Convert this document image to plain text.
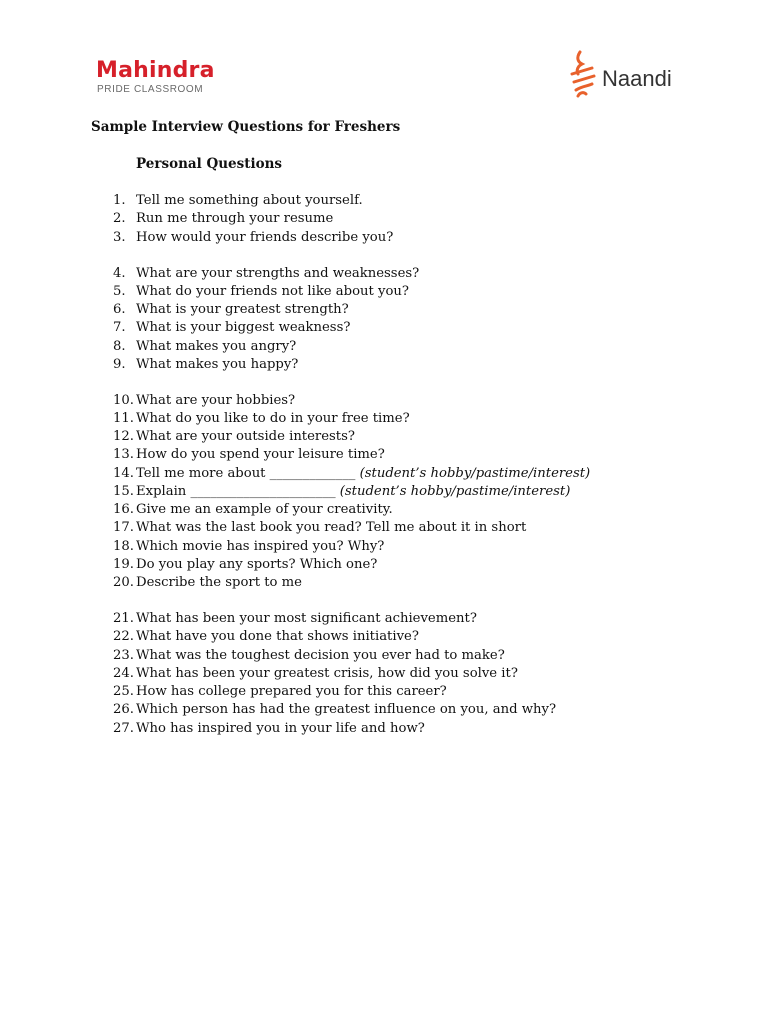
Mahindra
PRIDE CLASSROOM	Naandi
Sample Interview Questions for Freshers
Personal Questions
1. Tell me something about yourself.
2. Run me through your resume
3. How would your friends describe you?
4. What are your strengths and weaknesses?
5. What do your friends not like about you?
6. What is your greatest strength?
7. What is your biggest weakness?
8. What makes you angry?
9. What makes you happy?
10. What are your hobbies?
11. What do you like to do in your free time?
12. What are your outside interests?
13. How do you spend your leisure time?
14. Tell me more about _____________ (student’s hobby/pastime/interest)
15. Explain ______________________ (student’s hobby/pastime/interest)
16. Give me an example of your creativity.
17. What was the last book you read? Tell me about it in short
18. Which movie has inspired you? Why?
19. Do you play any sports? Which one?
20. Describe the sport to me
21. What has been your most significant achievement?
22. What have you done that shows initiative?
23. What was the toughest decision you ever had to make?
24. What has been your greatest crisis, how did you solve it?
25. How has college prepared you for this career?
26. Which person has had the greatest influence on you, and why?
27. Who has inspired you in your life and how?
